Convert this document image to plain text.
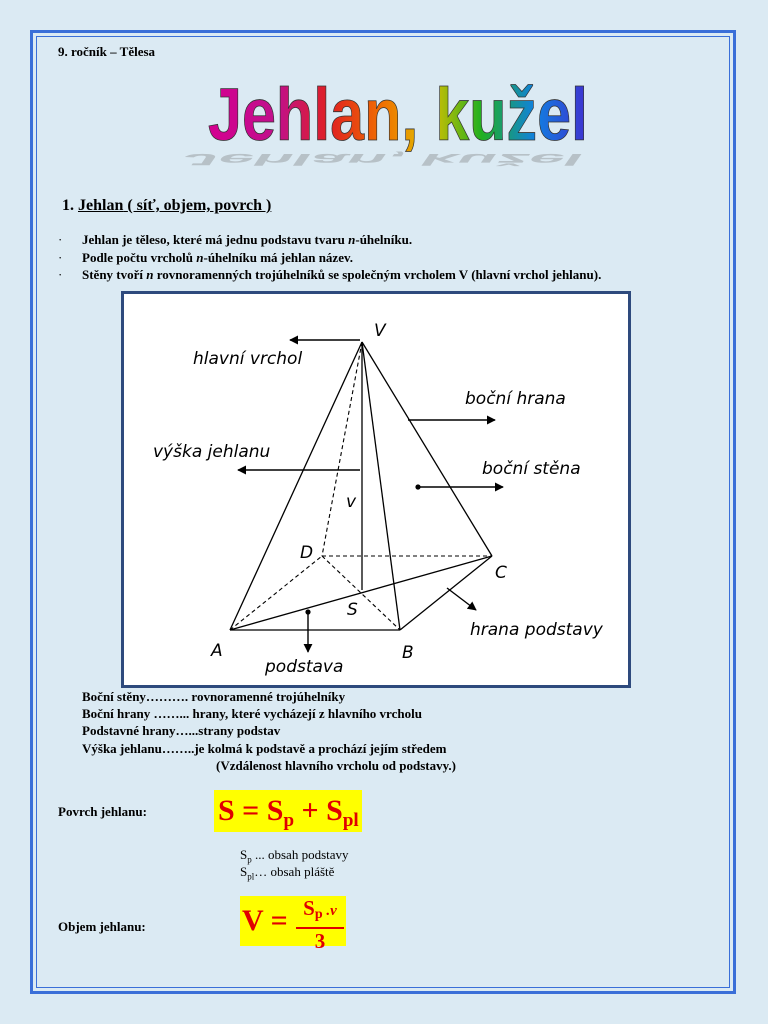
9. ročník – Tělesa
Jehlan, kužel
Jehlan, kužel
1. Jehlan ( síť, objem, povrch )
· Jehlan je těleso, které má jednu podstavu tvaru n-úhelníku.
· Podle počtu vrcholů n-úhelníku má jehlan název.
· Stěny tvoří n rovnoramenných trojúhelníků se společným vrcholem V (hlavní vrchol jehlanu).
V
A	B
C
D
S
v
hlavní vrchol
boční hrana
výška jehlanu
boční stěna
hrana podstavy
podstava
Boční stěny………. rovnoramenné trojúhelníky
Boční hrany ……... hrany, které vycházejí z hlavního vrcholu
Podstavné hrany…...strany podstav
Výška jehlanu……..je kolmá k podstavě a prochází jejím středem
(Vzdálenost hlavního vrcholu od podstavy.)
Povrch jehlanu: $S = S_p + S_{pl}$
$S_p$ ... obsah podstavy
$S_{pl}\dots$ obsah pláště
Objem jehlanu:	$V = S_p$ .v
3
